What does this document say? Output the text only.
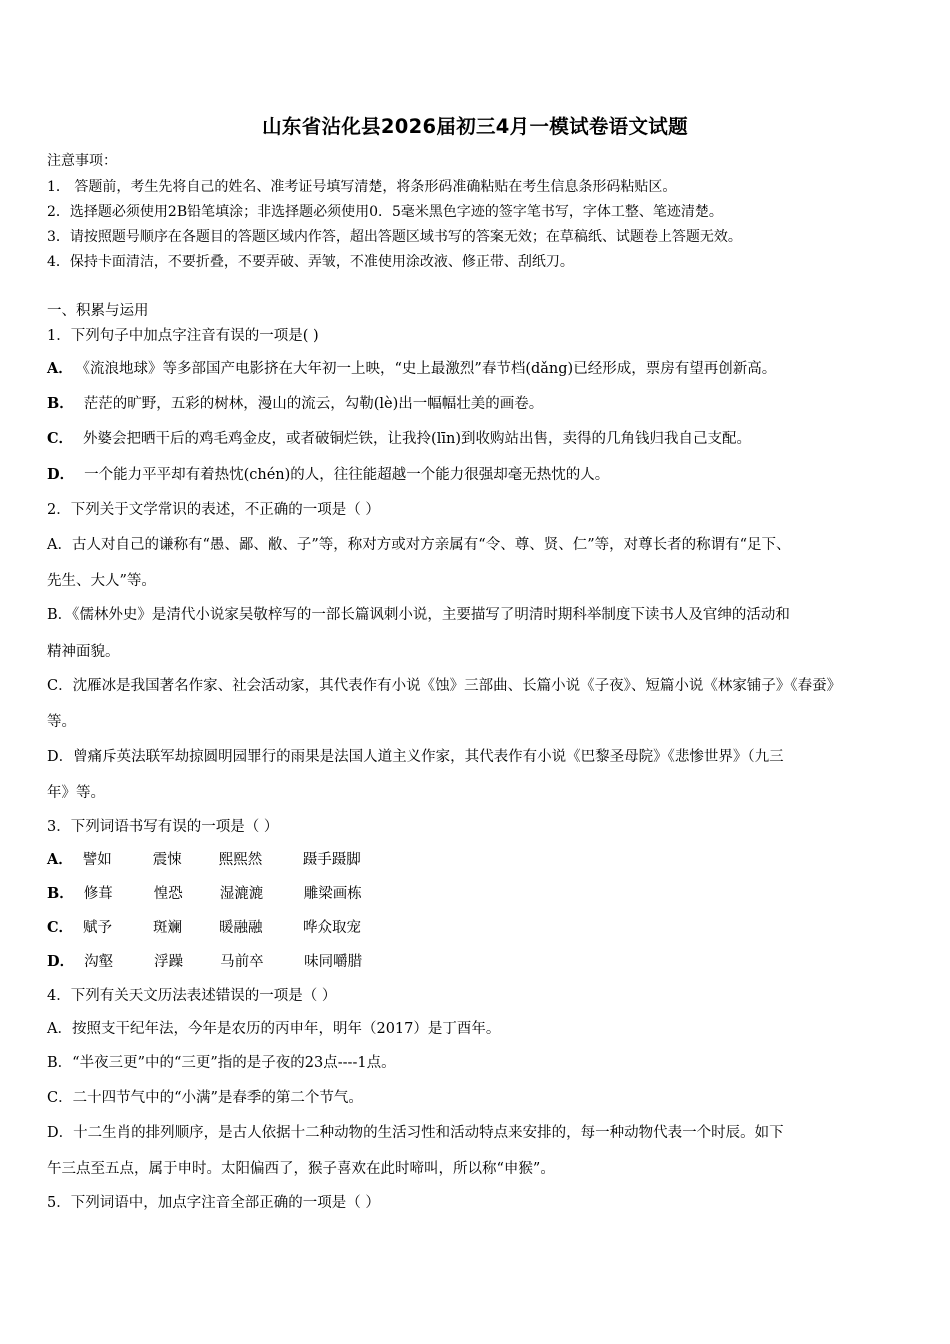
山东省沾化县2026届初三4月一模试卷语文试题
注意事项：
1． 答题前，考生先将自己的姓名、准考证号填写清楚，将条形码准确粘贴在考生信息条形码粘贴区。
2．选择题必须使用2B铅笔填涂；非选择题必须使用0．5毫米黑色字迹的签字笔书写，字体工整、笔迹清楚。
3．请按照题号顺序在各题目的答题区域内作答，超出答题区域书写的答案无效；在草稿纸、试题卷上答题无效。
4．保持卡面清洁，不要折叠，不要弄破、弄皱，不准使用涂改液、修正带、刮纸刀。
一、积累与运用
1．下列句子中加点字注音有误的一项是( )
A． 《流浪地球》等多部国产电影挤在大年初一上映，“史上最激烈”春节档(dǎng)已经形成，票房有望再创新高。
B． 茫茫的旷野，五彩的树林，漫山的流云，勾勒(lè)出一幅幅壮美的画卷。
C． 外婆会把晒干后的鸡毛鸡金皮，或者破铜烂铁，让我拎(līn)到收购站出售，卖得的几角钱归我自己支配。
D． 一个能力平平却有着热忱(chén)的人，往往能超越一个能力很强却毫无热忱的人。
2．下列关于文学常识的表述，不正确的一项是（ ）
A．古人对自己的谦称有“愚、鄙、敝、子”等，称对方或对方亲属有“令、尊、贤、仁”等，对尊长者的称谓有“足下、
先生、大人”等。
B．《儒林外史》是清代小说家吴敬梓写的一部长篇讽刺小说，主要描写了明清时期科举制度下读书人及官绅的活动和
精神面貌。
C．沈雁冰是我国著名作家、社会活动家，其代表作有小说《蚀》三部曲、长篇小说《子夜》、短篇小说《林家铺子》《春蚕》
等。
D．曾痛斥英法联军劫掠圆明园罪行的雨果是法国人道主义作家，其代表作有小说《巴黎圣母院》《悲惨世界》（九三
年》等。
3．下列词语书写有误的一项是（ ）
A． 譬如	震悚	熙熙然	蹑手蹑脚
B． 修葺	惶恐	湿漉漉	雕梁画栋
C． 赋予	斑斓	暖融融	哗众取宠
D． 沟壑	浮躁	马前卒	味同嚼腊
4．下列有关天文历法表述错误的一项是（ ）
A．按照支干纪年法，今年是农历的丙申年，明年（2017）是丁酉年。
B．“半夜三更”中的“三更”指的是子夜的23点----1点。
C．二十四节气中的“小满”是春季的第二个节气。
D．十二生肖的排列顺序，是古人依据十二种动物的生活习性和活动特点来安排的，每一种动物代表一个时辰。如下
午三点至五点，属于申时。太阳偏西了，猴子喜欢在此时啼叫，所以称“申猴”。
5．下列词语中，加点字注音全部正确的一项是（ ）
